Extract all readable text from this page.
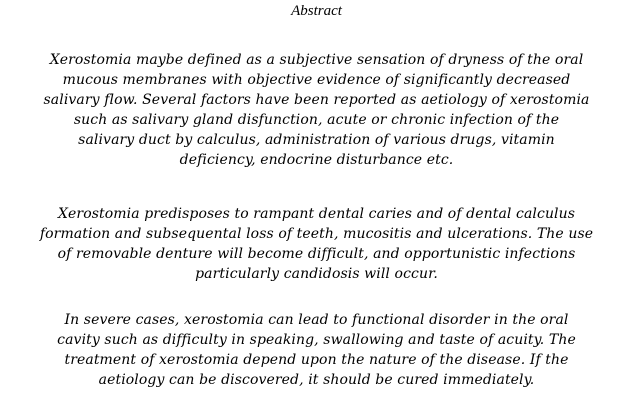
Abstract
Xerostomia maybe defined as a subjective sensation of dryness of the oral
mucous membranes with objective evidence of significantly decreased
salivary flow. Several factors have been reported as aetiology of xerostomia
such as salivary gland disfunction, acute or chronic infection of the
salivary duct by calculus, administration of various drugs, vitamin
deficiency, endocrine disturbance etc.
Xerostomia predisposes to rampant dental caries and of dental calculus
formation and subsequental loss of teeth, mucositis and ulcerations. The use
of removable denture will become difficult, and opportunistic infections
particularly candidosis will occur.
In severe cases, xerostomia can lead to functional disorder in the oral
cavity such as difficulty in speaking, swallowing and taste of acuity. The
treatment of xerostomia depend upon the nature of the disease. If the
aetiology can be discovered, it should be cured immediately.
